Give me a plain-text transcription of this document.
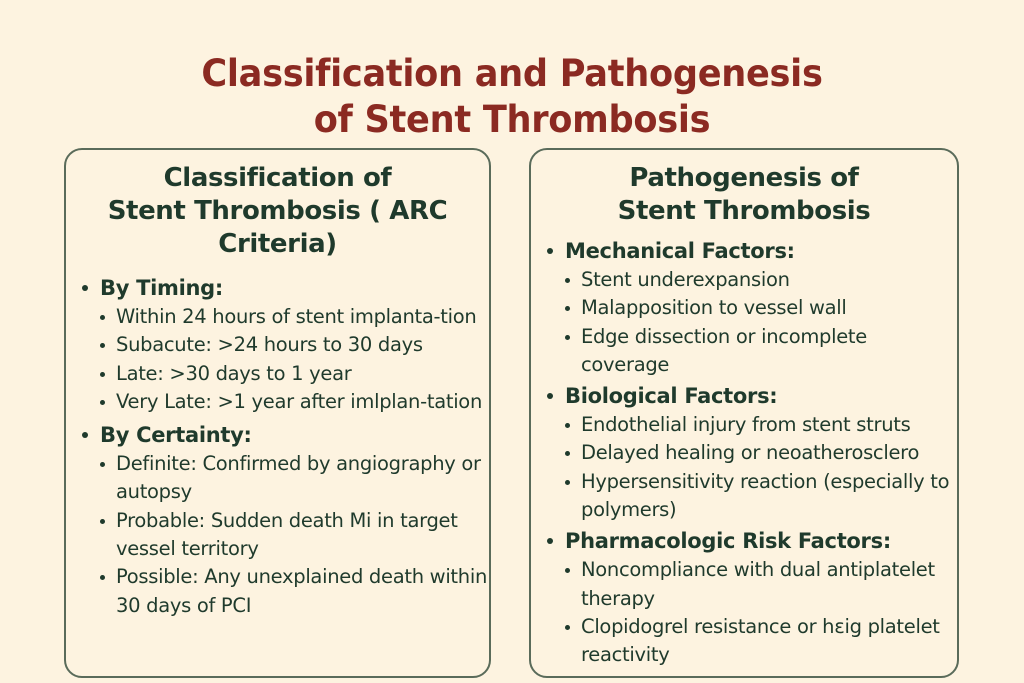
Classification and Pathogenesis
of Stent Thrombosis
Classification of
Stent Thrombosis ( ARC
Criteria)
By Timing:
Within 24 hours of stent implanta-tion
Subacute: >24 hours to 30 days
Late: >30 days to 1 year
Very Late: >1 year after imlplan-tation
By Certainty:
Definite: Confirmed by angiography or autopsy
Probable: Sudden death Mi in target vessel territory
Possible: Any unexplained death within 30 days of PCI
Pathogenesis of
Stent Thrombosis
Mechanical Factors:
Stent underexpansion
Malapposition to vessel wall
Edge dissection or incomplete coverage
Biological Factors:
Endothelial injury from stent struts
Delayed healing or neoatherosclero
Hypersensitivity reaction (especially to polymers)
Pharmacologic Risk Factors:
Noncompliance with dual antiplatelet therapy
Clopidogrel resistance or hɛig platelet reactivity
